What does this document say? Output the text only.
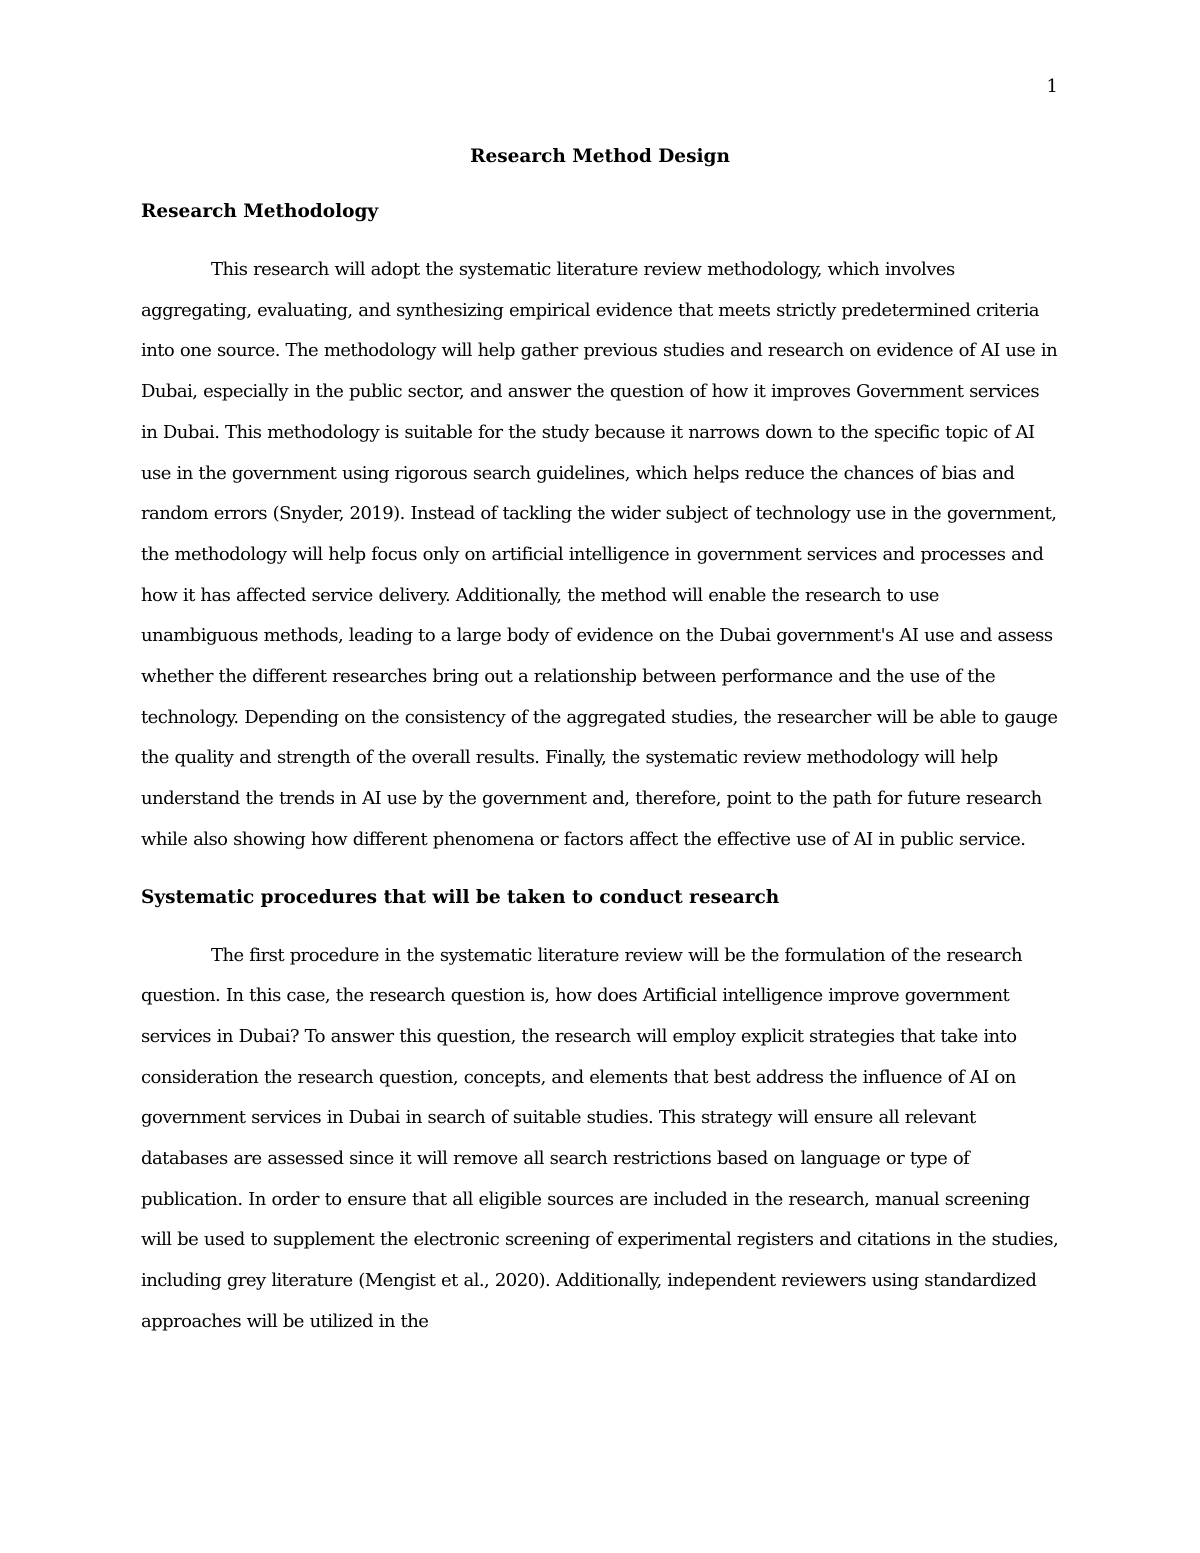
1
Research Method Design
Research Methodology

This research will adopt the systematic literature review methodology, which involves aggregating, evaluating, and synthesizing empirical evidence that meets strictly predetermined criteria into one source. The methodology will help gather previous studies and research on evidence of AI use in Dubai, especially in the public sector, and answer the question of how it improves Government services in Dubai. This methodology is suitable for the study because it narrows down to the specific topic of AI use in the government using rigorous search guidelines, which helps reduce the chances of bias and random errors (Snyder, 2019). Instead of tackling the wider subject of technology use in the government, the methodology will help focus only on artificial intelligence in government services and processes and how it has affected service delivery. Additionally, the method will enable the research to use unambiguous methods, leading to a large body of evidence on the Dubai government's AI use and assess whether the different researches bring out a relationship between performance and the use of the technology. Depending on the consistency of the aggregated studies, the researcher will be able to gauge the quality and strength of the overall results. Finally, the systematic review methodology will help understand the trends in AI use by the government and, therefore, point to the path for future research while also showing how different phenomena or factors affect the effective use of AI in public service.

Systematic procedures that will be taken to conduct research

The first procedure in the systematic literature review will be the formulation of the research question. In this case, the research question is, how does Artificial intelligence improve government services in Dubai? To answer this question, the research will employ explicit strategies that take into consideration the research question, concepts, and elements that best address the influence of AI on government services in Dubai in search of suitable studies. This strategy will ensure all relevant databases are assessed since it will remove all search restrictions based on language or type of publication. In order to ensure that all eligible sources are included in the research, manual screening will be used to supplement the electronic screening of experimental registers and citations in the studies, including grey literature (Mengist et al., 2020). Additionally, independent reviewers using standardized approaches will be utilized in the
